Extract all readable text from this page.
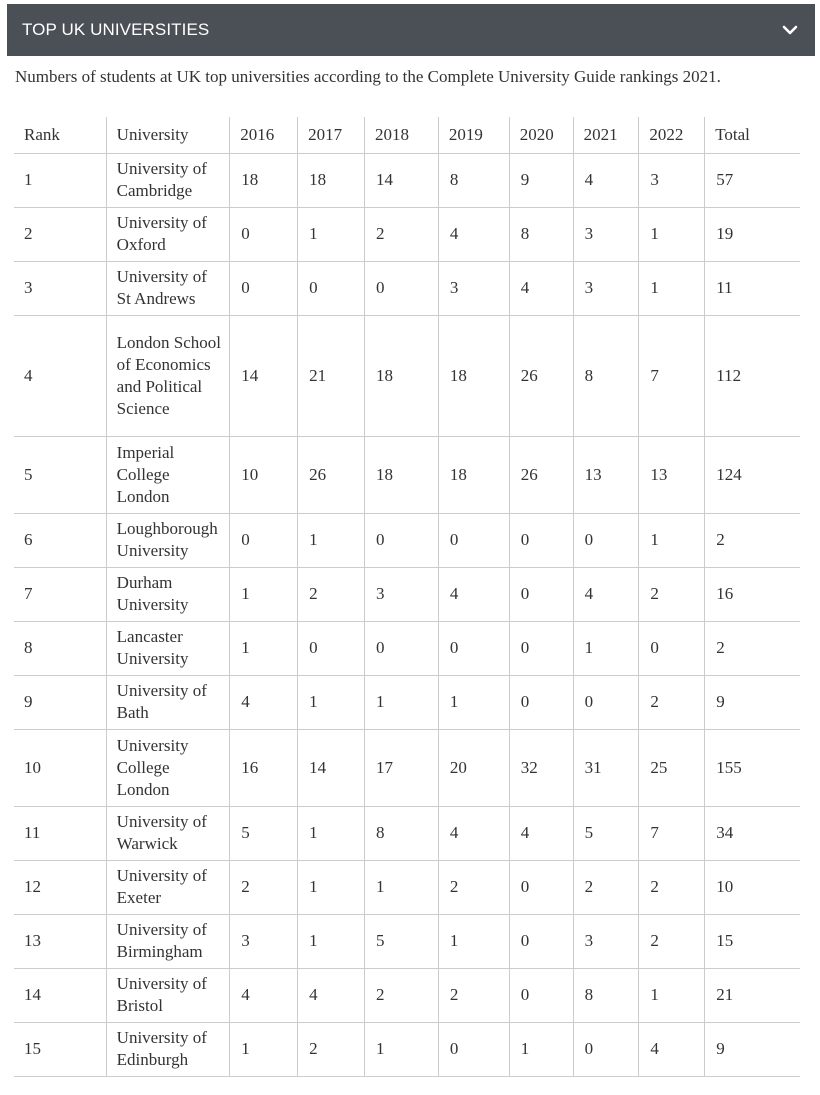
TOP UK UNIVERSITIES

Numbers of students at UK top universities according to the Complete University Guide rankings 2021.

Rank	University	2016	2017	2018	2019	2020	2021	2022	Total
1	University of Cambridge	18	18	14	8	9	4	3	57
2	University of Oxford	0	1	2	4	8	3	1	19
3	University of St Andrews	0	0	0	3	4	3	1	11
4	London School of Economics and Political Science	14	21	18	18	26	8	7	112
5	Imperial College London	10	26	18	18	26	13	13	124
6	Loughborough University	0	1	0	0	0	0	1	2
7	Durham University	1	2	3	4	0	4	2	16
8	Lancaster University	1	0	0	0	0	1	0	2
9	University of Bath	4	1	1	1	0	0	2	9
10	University College London	16	14	17	20	32	31	25	155
11	University of Warwick	5	1	8	4	4	5	7	34
12	University of Exeter	2	1	1	2	0	2	2	10
13	University of Birmingham	3	1	5	1	0	3	2	15
14	University of Bristol	4	4	2	2	0	8	1	21
15	University of Edinburgh	1	2	1	0	1	0	4	9
